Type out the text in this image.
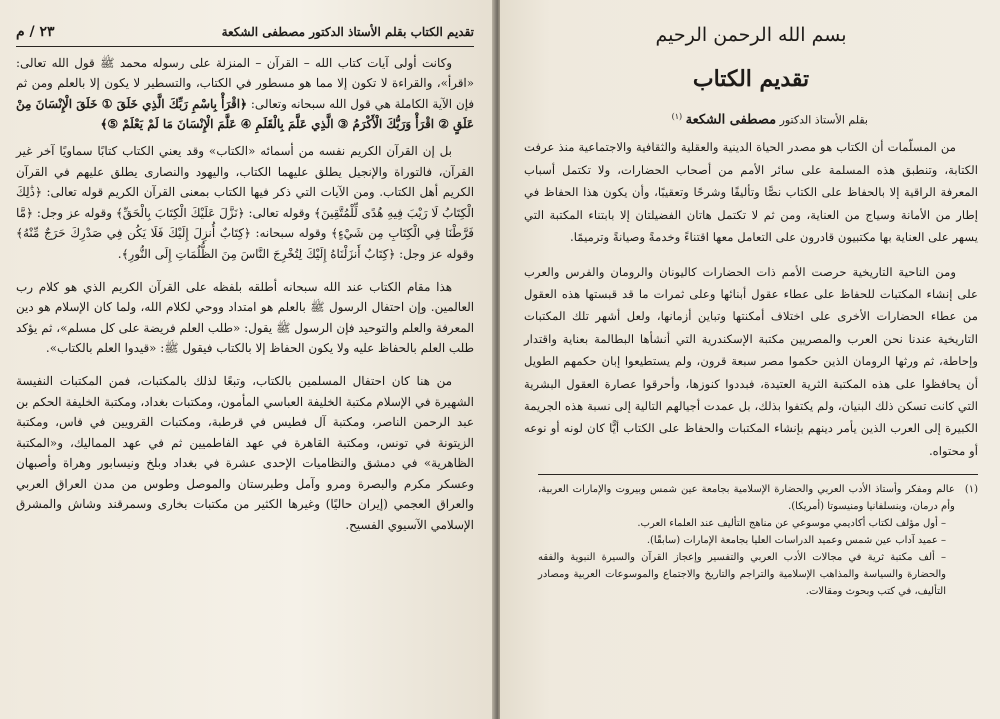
تقديم الكتاب بقلم الأستاذ الدكتور مصطفى الشكعة
٢٣ / م

وكانت أولى آيات كتاب الله – القرآن – المنزلة على رسوله محمد ﷺ قول الله تعالى: «اقرأ»، والقراءة لا تكون إلا مما هو مسطور في الكتاب، والتسطير لا يكون إلا بالعلم ومن ثم فإن الآية الكاملة هي قول الله سبحانه وتعالى: ﴿اقْرَأْ بِاسْمِ رَبِّكَ الَّذِي خَلَقَ ① خَلَقَ الْإِنْسَانَ مِنْ عَلَقٍ ② اقْرَأْ وَرَبُّكَ الْأَكْرَمُ ③ الَّذِي عَلَّمَ بِالْقَلَمِ ④ عَلَّمَ الْإِنْسَانَ مَا لَمْ يَعْلَمْ ⑤﴾

بل إن القرآن الكريم نفسه من أسمائه «الكتاب» وقد يعني الكتاب كتابًا سماويًا آخر غير القرآن، فالتوراة والإنجيل يطلق عليهما الكتاب، واليهود والنصارى يطلق عليهم في القرآن الكريم أهل الكتاب. ومن الآيات التي ذكر فيها الكتاب بمعنى القرآن الكريم قوله تعالى: ﴿ذَٰلِكَ الْكِتَابُ لَا رَيْبَ فِيهِ هُدًى لِّلْمُتَّقِينَ﴾ وقوله تعالى: ﴿نَزَّلَ عَلَيْكَ الْكِتَابَ بِالْحَقِّ﴾ وقوله عز وجل: ﴿مَّا فَرَّطْنَا فِي الْكِتَابِ مِن شَيْءٍ﴾ وقوله سبحانه: ﴿كِتَابٌ أُنزِلَ إِلَيْكَ فَلَا يَكُن فِي صَدْرِكَ حَرَجٌ مِّنْهُ﴾ وقوله عز وجل: ﴿كِتَابٌ أَنزَلْنَاهُ إِلَيْكَ لِتُخْرِجَ النَّاسَ مِنَ الظُّلُمَاتِ إِلَى النُّورِ﴾.

هذا مقام الكتاب عند الله سبحانه أطلقه بلفظه على القرآن الكريم الذي هو كلام رب العالمين. وإن احتفال الرسول ﷺ بالعلم هو امتداد ووحي لكلام الله، ولما كان الإسلام هو دين المعرفة والعلم والتوحيد فإن الرسول ﷺ يقول: «طلب العلم فريضة على كل مسلم»، ثم يؤكد طلب العلم بالحفاظ عليه ولا يكون الحفاظ إلا بالكتاب فيقول ﷺ: «قيدوا العلم بالكتاب».

من هنا كان احتفال المسلمين بالكتاب، وتبعًا لذلك بالمكتبات، فمن المكتبات النفيسة الشهيرة في الإسلام مكتبة الخليفة العباسي المأمون، ومكتبات بغداد، ومكتبة الخليفة الحكم بن عبد الرحمن الناصر، ومكتبة آل فطيس في قرطبة، ومكتبات القرويين في فاس، ومكتبة الزيتونة في تونس، ومكتبة القاهرة في عهد الفاطميين ثم في عهد المماليك، و«المكتبة الظاهرية» في دمشق والنظاميات الإحدى عشرة في بغداد وبلخ ونيسابور وهراة وأصبهان وعسكر مكرم والبصرة ومرو وآمل وطبرستان والموصل وطوس من مدن العراق العربي والعراق العجمي (إيران حاليًا) وغيرها الكثير من مكتبات بخارى وسمرقند وشاش والمشرق الإسلامي الآسيوي الفسيح.

بسم الله الرحمن الرحيم
تقديم الكتاب

بقلم الأستاذ الدكتور مصطفى الشكعة $^{(١)}$

من المسلّمات أن الكتاب هو مصدر الحياة الدينية والعقلية والثقافية والاجتماعية منذ عرفت الكتابة، وتنطبق هذه المسلمة على سائر الأمم من أصحاب الحضارات، ولا تكتمل أسباب المعرفة الراقية إلا بالحفاظ على الكتاب نصًّا وتأليفًا وشرحًا وتعقيبًا، وأن يكون هذا الحفاظ في إطار من الأمانة وسياج من العناية، ومن ثم لا تكتمل هاتان الفضيلتان إلا بابتناء المكتبة التي يسهر على العناية بها مكتبيون قادرون على التعامل معها اقتناءً وخدمةً وصيانةً وترميمًا.

ومن الناحية التاريخية حرصت الأمم ذات الحضارات كاليونان والرومان والفرس والعرب على إنشاء المكتبات للحفاظ على عطاء عقول أبنائها وعلى ثمرات ما قد قبستها هذه العقول من عطاء الحضارات الأخرى على اختلاف أمكنتها وتباين أزمانها، ولعل أشهر تلك المكتبات التاريخية عندنا نحن العرب والمصريين مكتبة الإسكندرية التي أنشأها البطالمة بعناية واقتدار وإحاطة، ثم ورثها الرومان الذين حكموا مصر سبعة قرون، ولم يستطيعوا إبان حكمهم الطويل أن يحافظوا على هذه المكتبة الثرية العتيدة، فبددوا كنوزها، وأحرقوا عصارة العقول البشرية التي كانت تسكن ذلك البنيان، ولم يكتفوا بذلك، بل عمدت أجيالهم التالية إلى نسبة هذه الجريمة الكبيرة إلى العرب الذين يأمر دينهم بإنشاء المكتبات والحفاظ على الكتاب أيًّا كان لونه أو نوعه أو محتواه.

(١)
عالم ومفكر وأستاذ الأدب العربي والحضارة الإسلامية بجامعة عين شمس وبيروت والإمارات العربية، وأم درمان، وبنسلفانيا ومنيسوتا (أمريكا).
– أول مؤلف لكتاب أكاديمي موسوعي عن مناهج التأليف عند العلماء العرب.
– عميد آداب عين شمس وعميد الدراسات العليا بجامعة الإمارات (سابقًا).
– ألف مكتبة ثرية في مجالات الأدب العربي والتفسير وإعجاز القرآن والسيرة النبوية والفقه والحضارة والسياسة والمذاهب الإسلامية والتراجم والتاريخ والاجتماع والموسوعات العربية ومصادر التأليف، في كتب وبحوث ومقالات.
